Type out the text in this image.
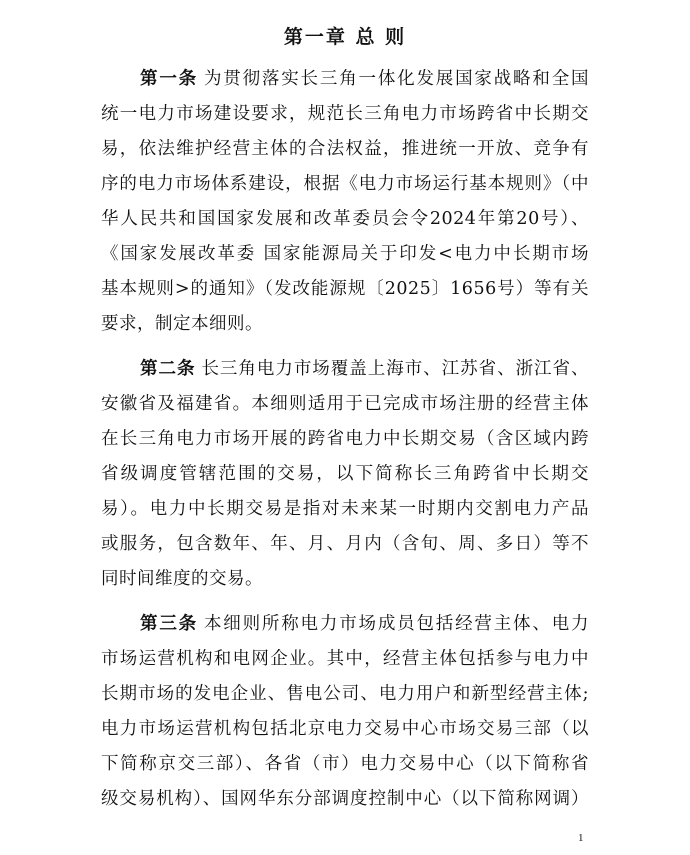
第一章 总 则
第一条 为贯彻落实长三角一体化发展国家战略和全国
统一电力市场建设要求，规范长三角电力市场跨省中长期交
易，依法维护经营主体的合法权益，推进统一开放、竞争有
序的电力市场体系建设，根据《电力市场运行基本规则》（中
华人民共和国国家发展和改革委员会令2024年第20号）、
《国家发展改革委 国家能源局关于印发<电力中长期市场
基本规则>的通知》（发改能源规〔2025〕1656号）等有关
要求，制定本细则。
第二条 长三角电力市场覆盖上海市、江苏省、浙江省、
安徽省及福建省。本细则适用于已完成市场注册的经营主体
在长三角电力市场开展的跨省电力中长期交易（含区域内跨
省级调度管辖范围的交易，以下简称长三角跨省中长期交
易）。电力中长期交易是指对未来某一时期内交割电力产品
或服务，包含数年、年、月、月内（含旬、周、多日）等不
同时间维度的交易。
第三条 本细则所称电力市场成员包括经营主体、电力
市场运营机构和电网企业。其中，经营主体包括参与电力中
长期市场的发电企业、售电公司、电力用户和新型经营主体;
电力市场运营机构包括北京电力交易中心市场交易三部（以
下简称京交三部）、各省（市）电力交易中心（以下简称省
级交易机构）、国网华东分部调度控制中心（以下简称网调）
1
